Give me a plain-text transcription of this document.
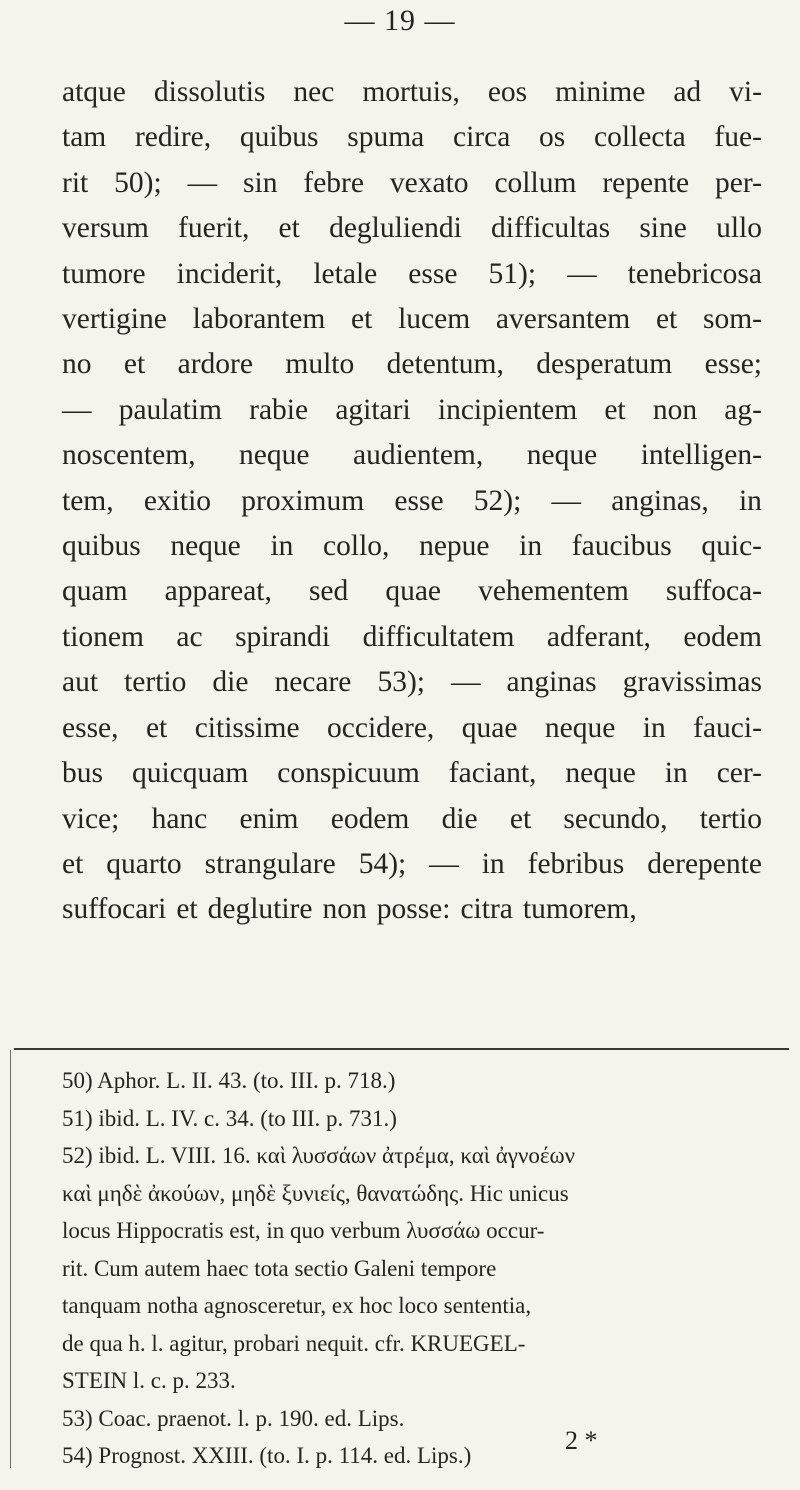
— 19 —
atque dissolutis nec mortuis, eos minime ad vi-
tam redire, quibus spuma circa os collecta fue-
rit 50); — sin febre vexato collum repente per-
versum fuerit, et degluliendi difficultas sine ullo
tumore inciderit, letale esse 51); — tenebricosa
vertigine laborantem et lucem aversantem et som-
no et ardore multo detentum, desperatum esse;
— paulatim rabie agitari incipientem et non ag-
noscentem, neque audientem, neque intelligen-
tem, exitio proximum esse 52); — anginas, in
quibus neque in collo, nepue in faucibus quic-
quam appareat, sed quae vehementem suffoca-
tionem ac spirandi difficultatem adferant, eodem
aut tertio die necare 53); — anginas gravissimas
esse, et citissime occidere, quae neque in fauci-
bus quicquam conspicuum faciant, neque in cer-
vice; hanc enim eodem die et secundo, tertio
et quarto strangulare 54); — in febribus derepente
suffocari et deglutire non posse: citra tumorem,
50) Aphor. L. II. 43. (to. III. p. 718.)
51) ibid. L. IV. c. 34. (to III. p. 731.)
52) ibid. L. VIII. 16. καὶ λυσσάων ἀτρέμα, καὶ ἀγνοέων
καὶ μηδὲ ἀκούων, μηδὲ ξυνιείς, θανατώδης. Hic unicus
locus Hippocratis est, in quo verbum λυσσάω occur-
rit. Cum autem haec tota sectio Galeni tempore
tanquam notha agnosceretur, ex hoc loco sententia,
de qua h. l. agitur, probari nequit. cfr. KRUEGEL-
STEIN l. c. p. 233.
53) Coac. praenot. l. p. 190. ed. Lips.
54) Prognost. XXIII. (to. I. p. 114. ed. Lips.)
2 *
